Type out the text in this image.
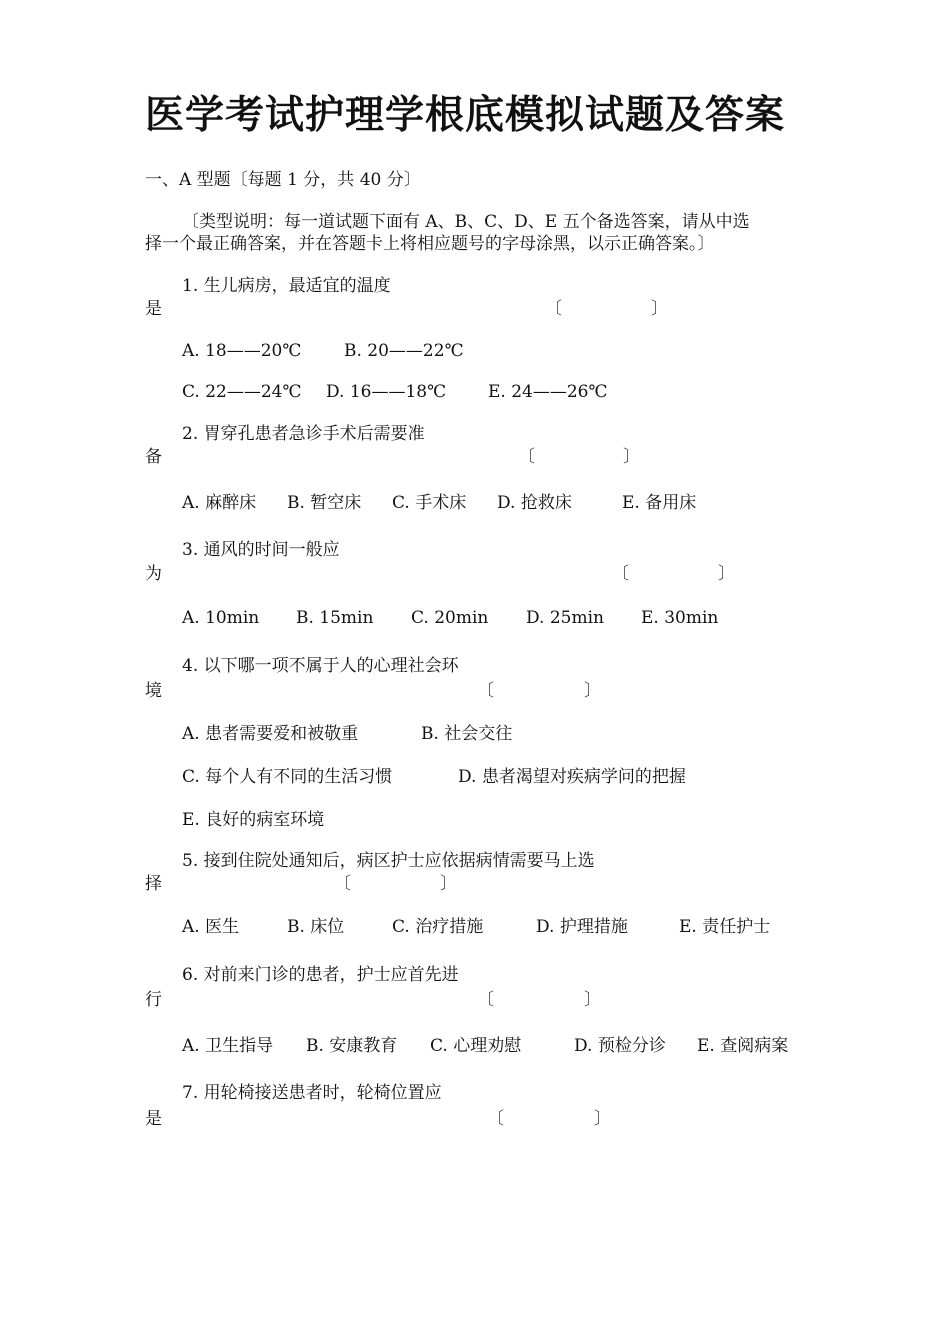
医学考试护理学根底模拟试题及答案
一、A 型题〔每题 1 分，共 40 分〕
〔类型说明：每一道试题下面有 A、B、C、D、E 五个备选答案，请从中选
择一个最正确答案，并在答题卡上将相应题号的字母涂黑，以示正确答案。〕
1. 生儿病房，最适宜的温度
是	〔	〕
A. 18——20℃	B. 20——22℃
C. 22——24℃ D. 16——18℃ E. 24——26℃
2. 胃穿孔患者急诊手术后需要准
备	〔	〕
A. 麻醉床 B. 暂空床 C. 手术床 D. 抢救床	E. 备用床
3. 通风的时间一般应
为	〔	〕
A. 10min B. 15min C. 20min D. 25min E. 30min
4. 以下哪一项不属于人的心理社会环
境	〔	〕
A. 患者需要爱和被敬重	B. 社会交往
C. 每个人有不同的生活习惯	D. 患者渴望对疾病学问的把握
E. 良好的病室环境
5. 接到住院处通知后，病区护士应依据病情需要马上选
择	〔	〕
A. 医生	B. 床位	C. 治疗措施	D. 护理措施	E. 责任护士
6. 对前来门诊的患者，护士应首先进
行	〔	〕
A. 卫生指导 B. 安康教育 C. 心理劝慰	D. 预检分诊 E. 查阅病案
7. 用轮椅接送患者时，轮椅位置应
是	〔	〕
